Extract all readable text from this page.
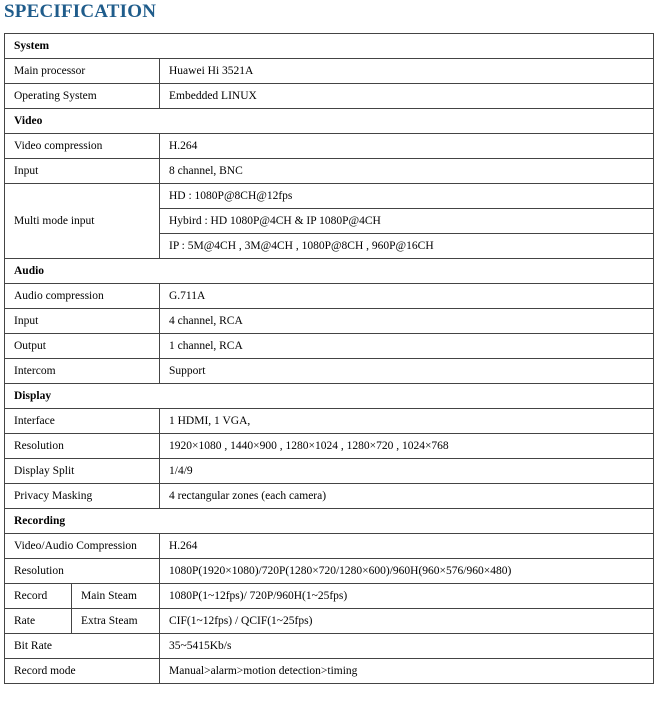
SPECIFICATION
System		
Main processor		Huawei Hi 3521A
Operating System		Embedded LINUX
Video		
Video compression		H.264
Input		8 channel, BNC
Multi mode input		HD : 1080P@8CH@12fps
		Hybird : HD 1080P@4CH & IP 1080P@4CH
		IP : 5M@4CH , 3M@4CH , 1080P@8CH , 960P@16CH
Audio		
Audio compression		G.711A
Input		4 channel, RCA
Output		1 channel, RCA
Intercom		Support
Display		
Interface		1 HDMI, 1 VGA,
Resolution		1920×1080 , 1440×900 , 1280×1024 , 1280×720 , 1024×768
Display Split		1/4/9
Privacy Masking		4 rectangular zones (each camera)
Recording		
Video/Audio Compression		H.264
Resolution		1080P(1920×1080)/720P(1280×720/1280×600)/960H(960×576/960×480)
Record	Main Steam	1080P(1~12fps)/ 720P/960H(1~25fps)
Rate	Extra Steam	CIF(1~12fps) / QCIF(1~25fps)
Bit Rate		35~5415Kb/s
Record mode		Manual>alarm>motion detection>timing
